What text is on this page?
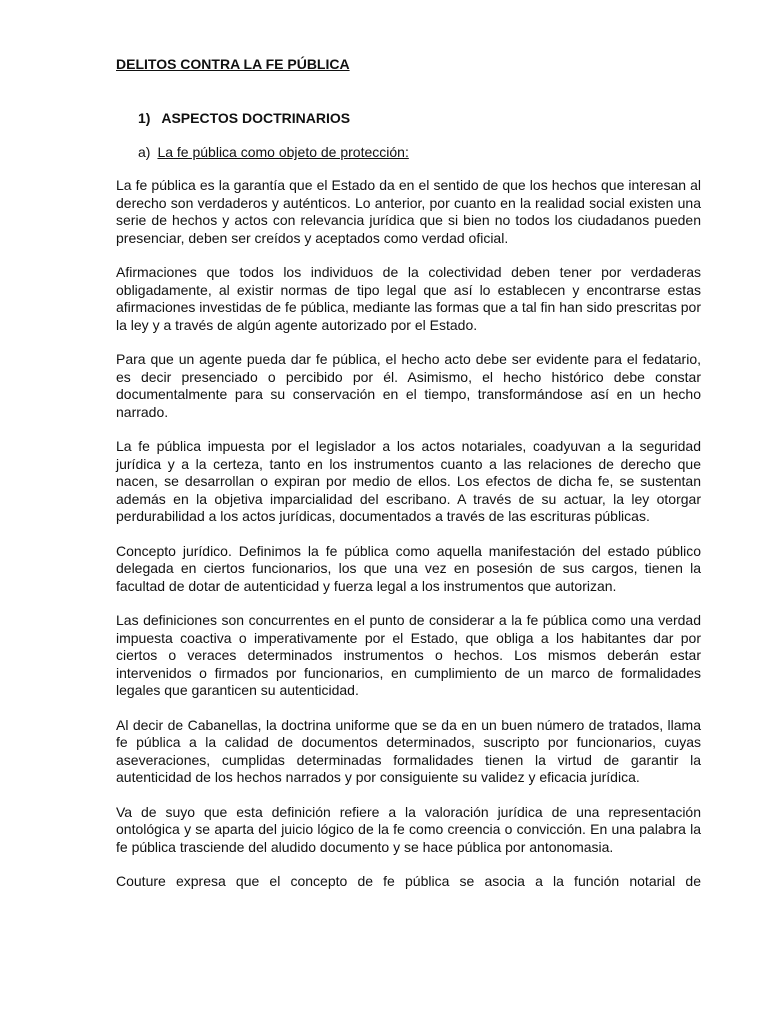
DELITOS CONTRA LA FE PÚBLICA

1) ASPECTOS DOCTRINARIOS

a) La fe pública como objeto de protección:

La fe pública es la garantía que el Estado da en el sentido de que los hechos que interesan al derecho son verdaderos y auténticos. Lo anterior, por cuanto en la realidad social existen una serie de hechos y actos con relevancia jurídica que si bien no todos los ciudadanos pueden presenciar, deben ser creídos y aceptados como verdad oficial.

Afirmaciones que todos los individuos de la colectividad deben tener por verdaderas obligadamente, al existir normas de tipo legal que así lo establecen y encontrarse estas afirmaciones investidas de fe pública, mediante las formas que a tal fin han sido prescritas por la ley y a través de algún agente autorizado por el Estado.

Para que un agente pueda dar fe pública, el hecho acto debe ser evidente para el fedatario, es decir presenciado o percibido por él. Asimismo, el hecho histórico debe constar documentalmente para su conservación en el tiempo, transformándose así en un hecho narrado.

La fe pública impuesta por el legislador a los actos notariales, coadyuvan a la seguridad jurídica y a la certeza, tanto en los instrumentos cuanto a las relaciones de derecho que nacen, se desarrollan o expiran por medio de ellos. Los efectos de dicha fe, se sustentan además en la objetiva imparcialidad del escribano. A través de su actuar, la ley otorgar perdurabilidad a los actos jurídicas, documentados a través de las escrituras públicas.

Concepto jurídico. Definimos la fe pública como aquella manifestación del estado público delegada en ciertos funcionarios, los que una vez en posesión de sus cargos, tienen la facultad de dotar de autenticidad y fuerza legal a los instrumentos que autorizan.

Las definiciones son concurrentes en el punto de considerar a la fe pública como una verdad impuesta coactiva o imperativamente por el Estado, que obliga a los habitantes dar por ciertos o veraces determinados instrumentos o hechos. Los mismos deberán estar intervenidos o firmados por funcionarios, en cumplimiento de un marco de formalidades legales que garanticen su autenticidad.

Al decir de Cabanellas, la doctrina uniforme que se da en un buen número de tratados, llama fe pública a la calidad de documentos determinados, suscripto por funcionarios, cuyas aseveraciones, cumplidas determinadas formalidades tienen la virtud de garantir la autenticidad de los hechos narrados y por consiguiente su validez y eficacia jurídica.

Va de suyo que esta definición refiere a la valoración jurídica de una representación ontológica y se aparta del juicio lógico de la fe como creencia o convicción. En una palabra la fe pública trasciende del aludido documento y se hace pública por antonomasia.

Couture expresa que el concepto de fe pública se asocia a la función notarial de
